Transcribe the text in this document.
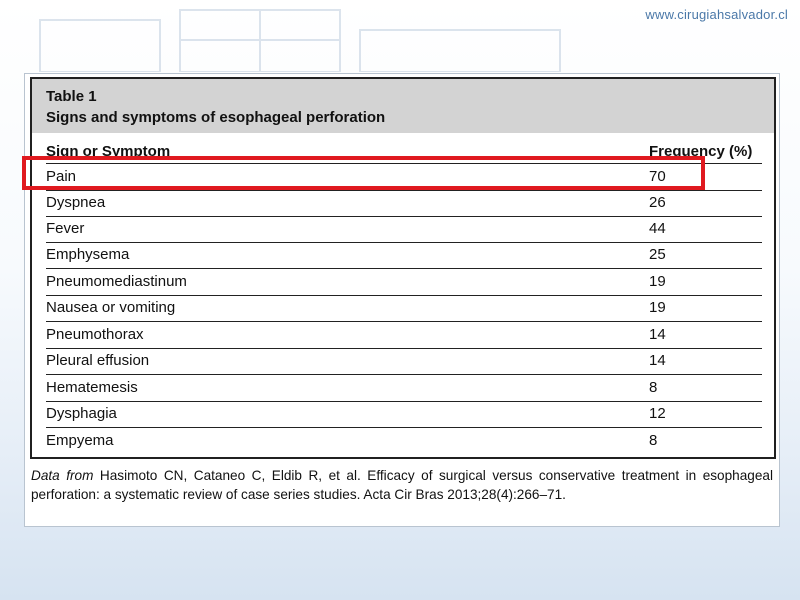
www.cirugiahsalvador.cl
Table 1
Signs and symptoms of esophageal perforation
Sign or Symptom	Frequency (%)
Pain	70
Dyspnea	26
Fever	44
Emphysema	25
Pneumomediastinum	19
Nausea or vomiting	19
Pneumothorax	14
Pleural effusion	14
Hematemesis	8
Dysphagia	12
Empyema	8
Data from Hasimoto CN, Cataneo C, Eldib R, et al. Efficacy of surgical versus conservative treatment in esophageal perforation: a systematic review of case series studies. Acta Cir Bras 2013;28(4):266–71.
